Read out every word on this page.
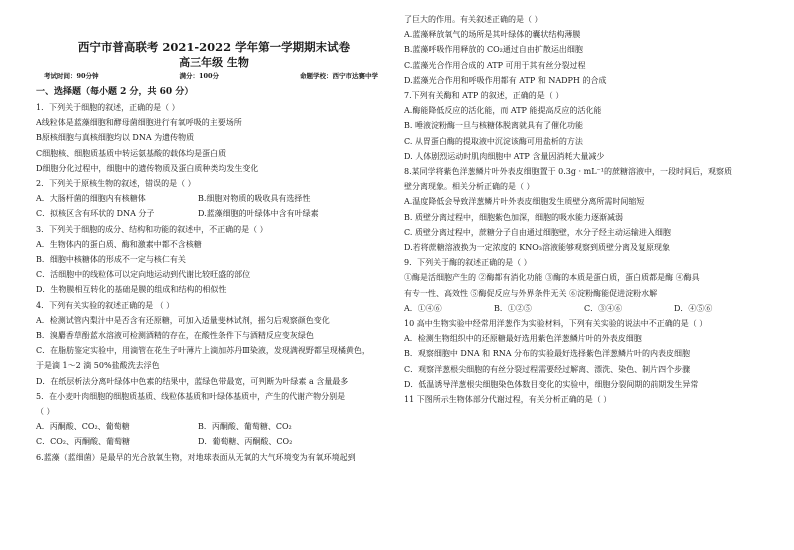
西宁市普高联考 2021-2022 学年第一学期期末试卷
高三年级 生物
考试时间：90分钟	满分：100分	命题学校：西宁市达赛中学
一、选择题（每小题 2 分，共 60 分）
1．下列关于细胞的叙述，正确的是（ ）
A线粒体是蓝藻细胞和酵母菌细胞进行有氧呼吸的主要场所
B原核细胞与真核细胞均以 DNA 为遗传物质
C细胞核、细胞质基质中转运氨基酸的载体均是蛋白质
D细胞分化过程中，细胞中的遗传物质及蛋白质种类均发生变化
2．下列关于原核生物的叙述，错误的是（ ）
A．大肠杆菌的细胞内有核糖体	B.细胞对物质的吸收具有选择性
C．拟核区含有环状的 DNA 分子	D.蓝藻细胞的叶绿体中含有叶绿素
3．下列关于细胞的成分、结构和功能的叙述中，不正确的是（ ）
A．生物体内的蛋白质、酶和激素中都不含核糖
B．细胞中核糖体的形成不一定与核仁有关
C．活细胞中的线粒体可以定向地运动到代谢比较旺盛的部位
D．生物膜相互转化的基础是膜的组成和结构的相似性
4．下列有关实验的叙述正确的是 （ ）
A．检测试管内梨汁中是否含有还原糖，可加入适量斐林试剂，摇匀后观察颜色变化
B．溴麝香草酚蓝水溶液可检测酒精的存在，在酸性条件下与酒精反应变灰绿色
C．在脂肪鉴定实验中，用滴管在花生子叶薄片上滴加苏丹Ⅲ染液，发现满视野都呈现橘黄色，
于是滴 1～2 滴 50%盐酸洗去浮色
D．在纸层析法分离叶绿体中色素的结果中，蓝绿色带最宽，可判断为叶绿素 a 含量最多
5．在小麦叶肉细胞的细胞质基质、线粒体基质和叶绿体基质中，产生的代谢产物分别是
（ ）
A．丙酮酸、CO₂、葡萄糖	B．丙酮酸、葡萄糖、CO₂
C．CO₂、丙酮酸、葡萄糖	D．葡萄糖、丙酮酸、CO₂
6.蓝藻（蓝细菌）是最早的光合放氧生物，对地球表面从无氧的大气环境变为有氧环境起到
了巨大的作用。有关叙述正确的是（ ）
A.蓝藻释放氧气的场所是其叶绿体的囊状结构薄膜
B.蓝藻呼吸作用释放的 CO₂通过自由扩散运出细胞
C.蓝藻光合作用合成的 ATP 可用于其有丝分裂过程
D.蓝藻光合作用和呼吸作用都有 ATP 和 NADPH 的合成
7.下列有关酶和 ATP 的叙述，正确的是（ ）
A.酶能降低反应的活化能，而 ATP 能提高反应的活化能
B. 唾液淀粉酶一旦与核糖体脱离就具有了催化功能
C. 从胃蛋白酶的提取液中沉淀该酶可用盐析的方法
D. 人体剧烈运动时肌肉细胞中 ATP 含量因消耗大量减少
8.某同学将紫色洋葱鳞片叶外表皮细胞置于 0.3g · mL⁻¹的蔗糖溶液中，一段时间后，观察质
壁分离现象。相关分析正确的是（ ）
A.温度降低会导致洋葱鳞片叶外表皮细胞发生质壁分离所需时间缩短
B. 质壁分离过程中，细胞紫色加深，细胞的吸水能力逐渐减弱
C. 质壁分离过程中，蔗糖分子自由通过细胞壁，水分子经主动运输进入细胞
D.若将蔗糖溶液换为一定浓度的 KNO₃溶液能够观察到质壁分离及复原现象
9．下列关于酶的叙述正确的是（ ）
①酶是活细胞产生的 ②酶都有消化功能 ③酶的本质是蛋白质，蛋白质都是酶 ④酶具
有专一性、高效性 ⑤酶促反应与外界条件无关 ⑥淀粉酶能促进淀粉水解
A．①④⑥	B．①②⑤	C．③④⑥	D．④⑤⑥
10 高中生物实验中经常用洋葱作为实验材料，下列有关实验的说法中不正确的是（ ）
A．检测生物组织中的还原糖最好选用紫色洋葱鳞片叶的外表皮细胞
B．观察细胞中 DNA 和 RNA 分布的实验最好选择紫色洋葱鳞片叶的内表皮细胞
C．观察洋葱根尖细胞的有丝分裂过程需要经过解离、漂洗、染色、制片四个步骤
D．低温诱导洋葱根尖细胞染色体数目变化的实验中，细胞分裂间期的前期发生异常
11 下图所示生物体部分代谢过程，有关分析正确的是（ ）
